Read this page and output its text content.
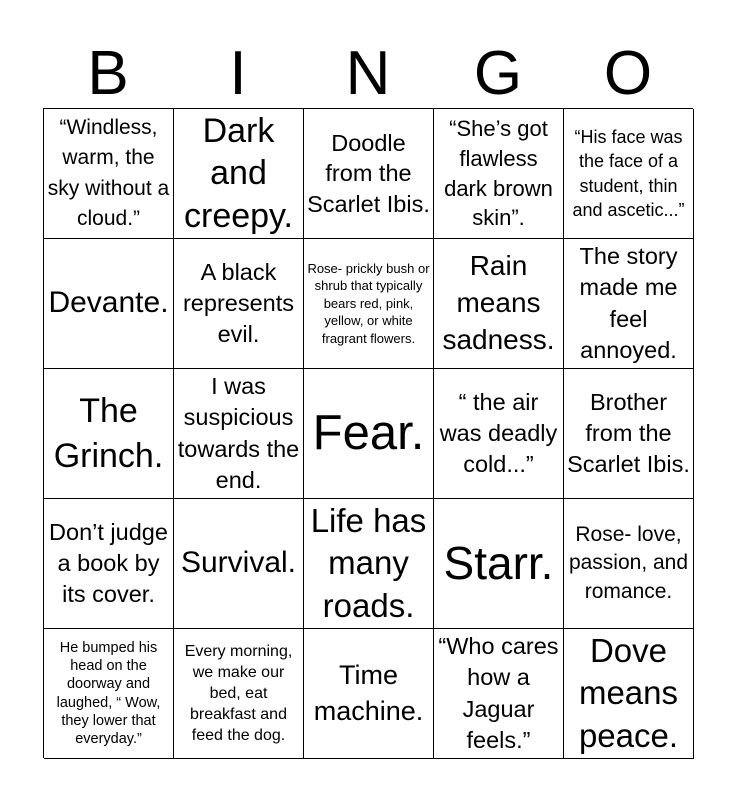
B	I	N	G	O
“Windless, warm, the sky without a cloud.”
Dark and creepy.
Doodle from the Scarlet Ibis.
“She’s got flawless dark brown skin”.
“His face was the face of a student, thin and ascetic...”
Devante.
A black represents evil.
Rose- prickly bush or shrub that typically bears red, pink, yellow, or white fragrant flowers.
Rain means sadness.
The story made me feel annoyed.
The Grinch.
I was suspicious towards the end.
Fear.
“ the air was deadly cold...”
Brother from the Scarlet Ibis.
Don’t judge a book by its cover.
Survival.
Life has many roads.
Starr.
Rose- love, passion, and romance.
He bumped his head on the doorway and laughed, “ Wow, they lower that everyday.”
Every morning, we make our bed, eat breakfast and feed the dog.
Time machine.
“Who cares how a Jaguar feels.”
Dove means peace.
